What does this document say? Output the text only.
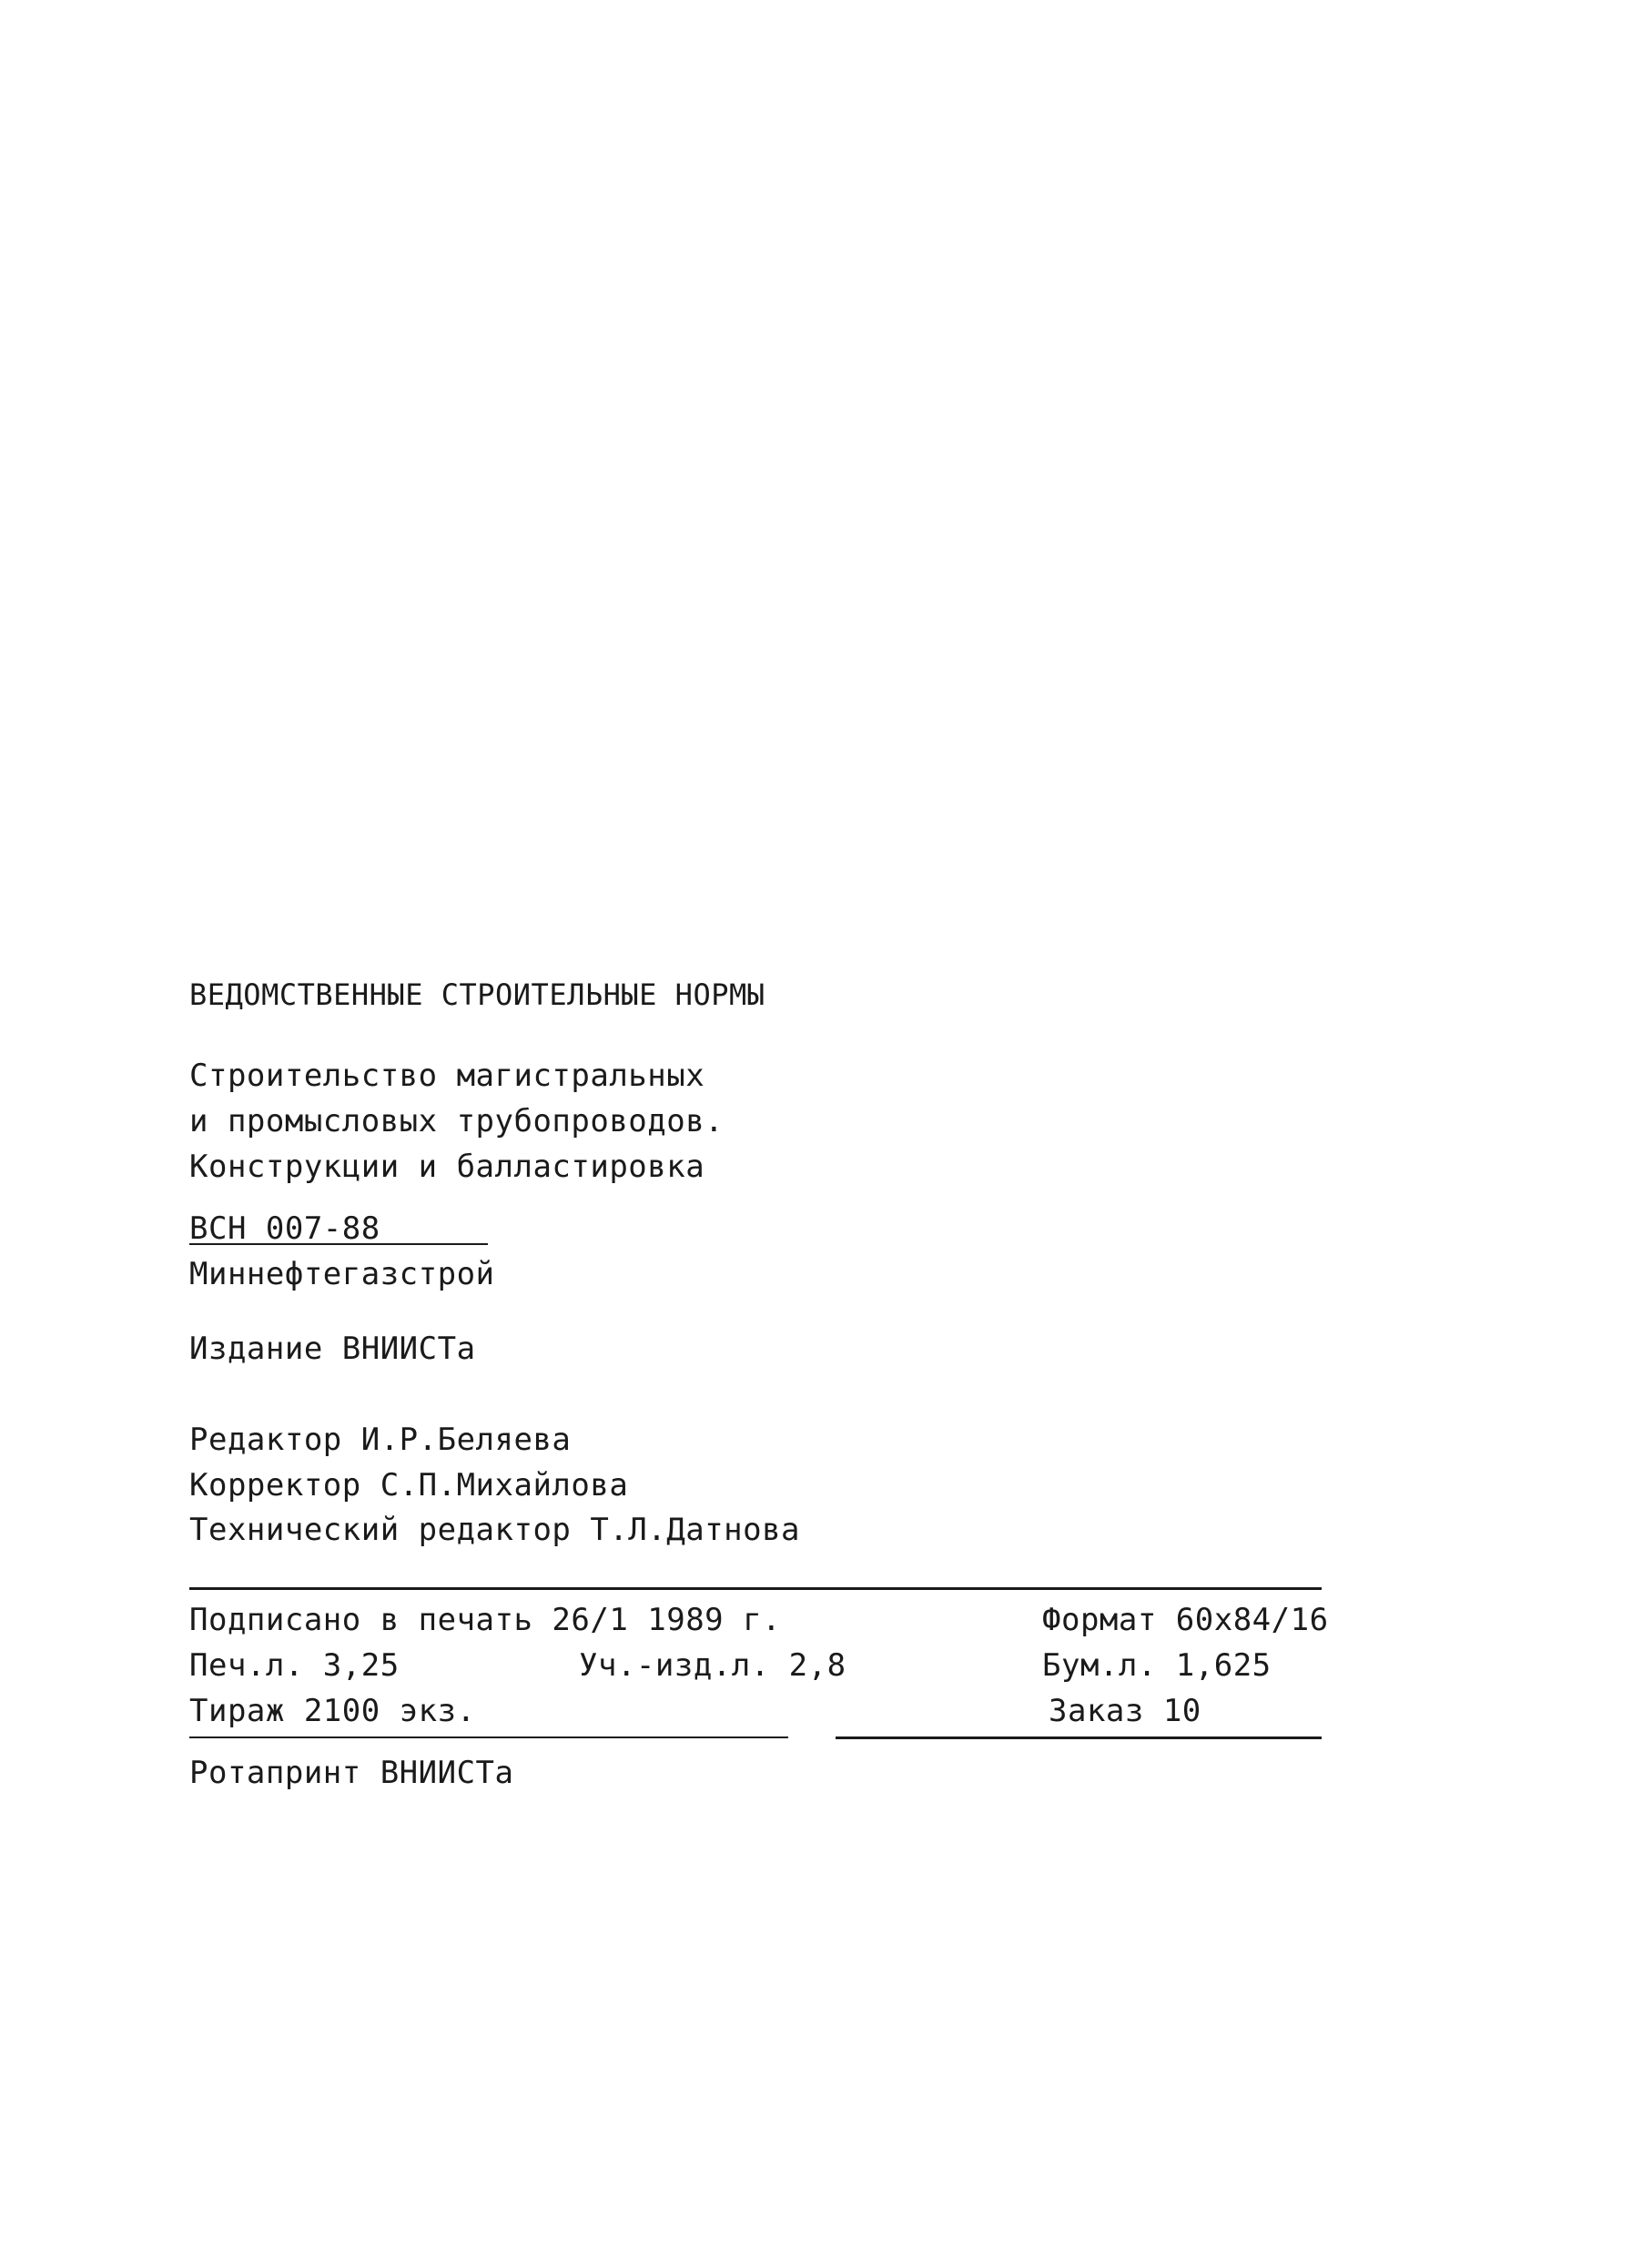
ВЕДОМСТВЕННЫЕ СТРОИТЕЛЬНЫЕ НОРМЫ
Строительство магистральных
и промысловых трубопроводов.
Конструкции и балластировка
ВСН 007-88
Миннефтегазстрой
Издание ВНИИСТа
Редактор И.Р.Беляева
Корректор С.П.Михайлова
Технический редактор Т.Л.Датнова
Подписано в печать 26/1 1989 г.	Формат 60x84/16
Печ.л. 3,25	Уч.-изд.л. 2,8	Бум.л. 1,625
Тираж 2100 экз.	Заказ 10
Ротапринт ВНИИСТа
